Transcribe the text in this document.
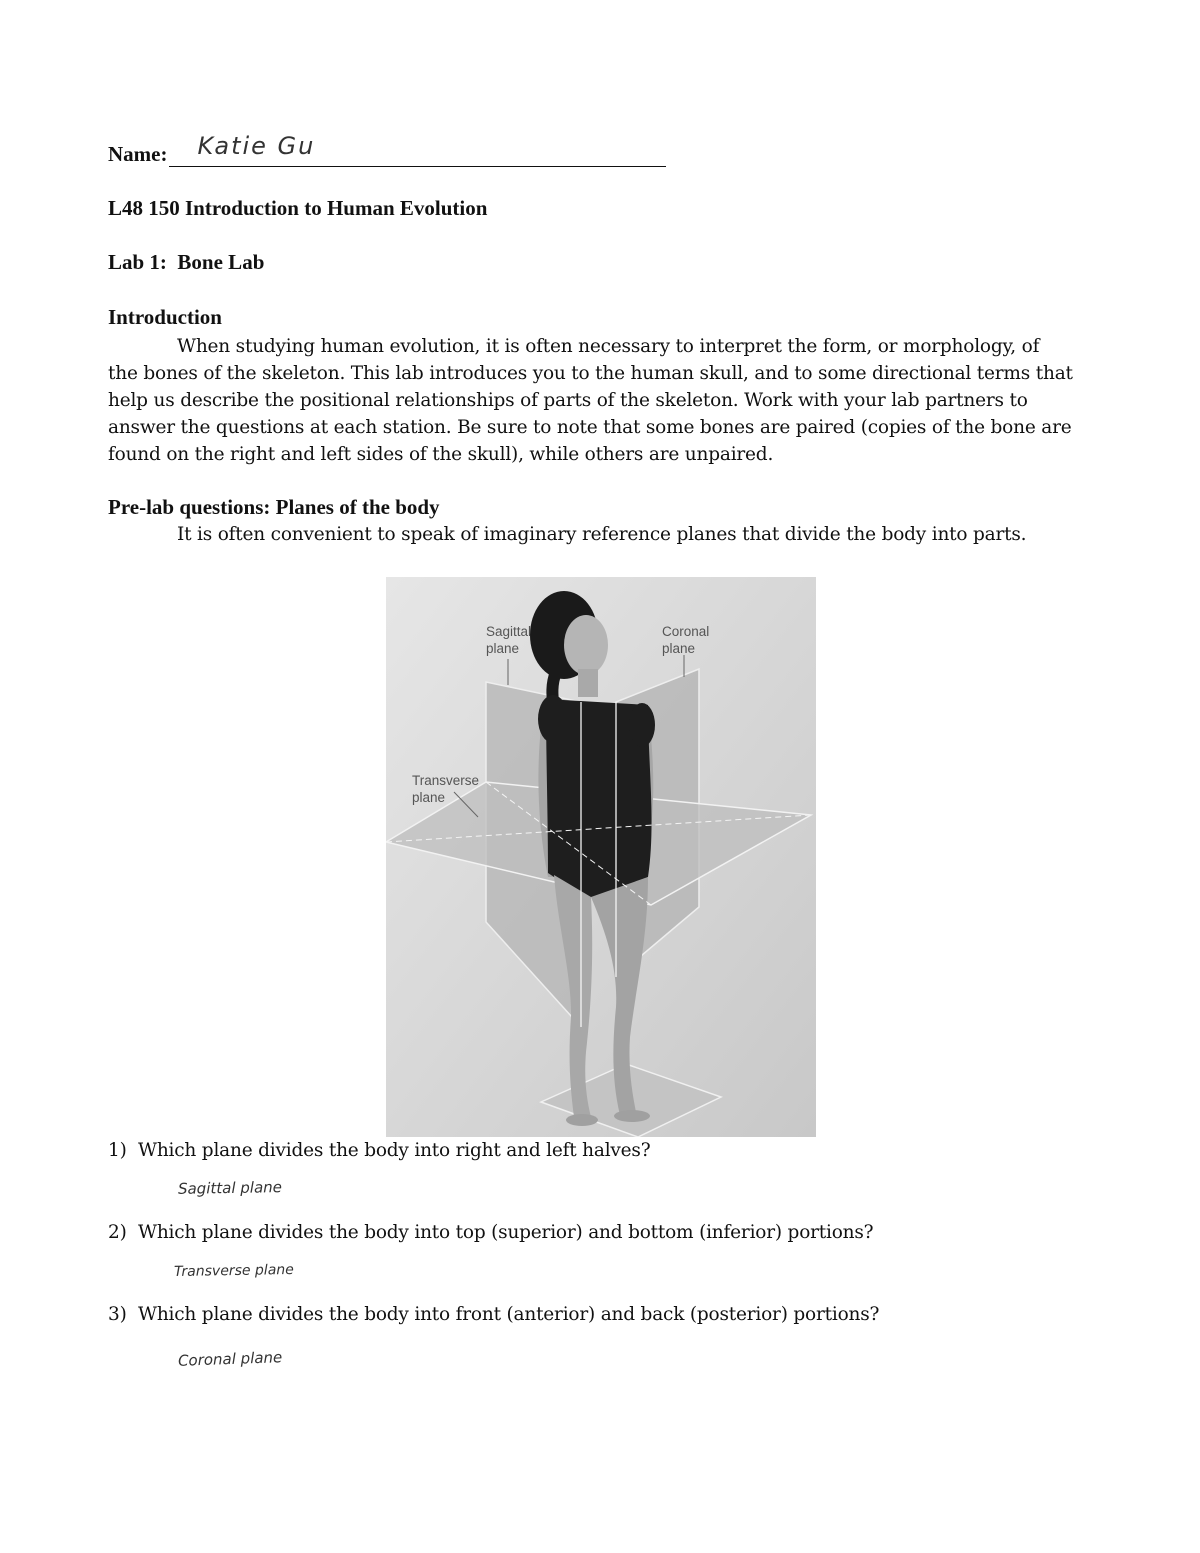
Name: Katie Gu
L48 150 Introduction to Human Evolution
Lab 1:  Bone Lab
Introduction
When studying human evolution, it is often necessary to interpret the form, or morphology, of
the bones of the skeleton. This lab introduces you to the human skull, and to some directional terms that
help us describe the positional relationships of parts of the skeleton. Work with your lab partners to
answer the questions at each station. Be sure to note that some bones are paired (copies of the bone are
found on the right and left sides of the skull), while others are unpaired.
Pre-lab questions: Planes of the body
It is often convenient to speak of imaginary reference planes that divide the body into parts.
Sagittal
plane
Coronal
plane
Transverse
plane
1) Which plane divides the body into right and left halves?
Sagittal plane
2) Which plane divides the body into top (superior) and bottom (inferior) portions?
Transverse plane
3) Which plane divides the body into front (anterior) and back (posterior) portions?
Coronal plane
